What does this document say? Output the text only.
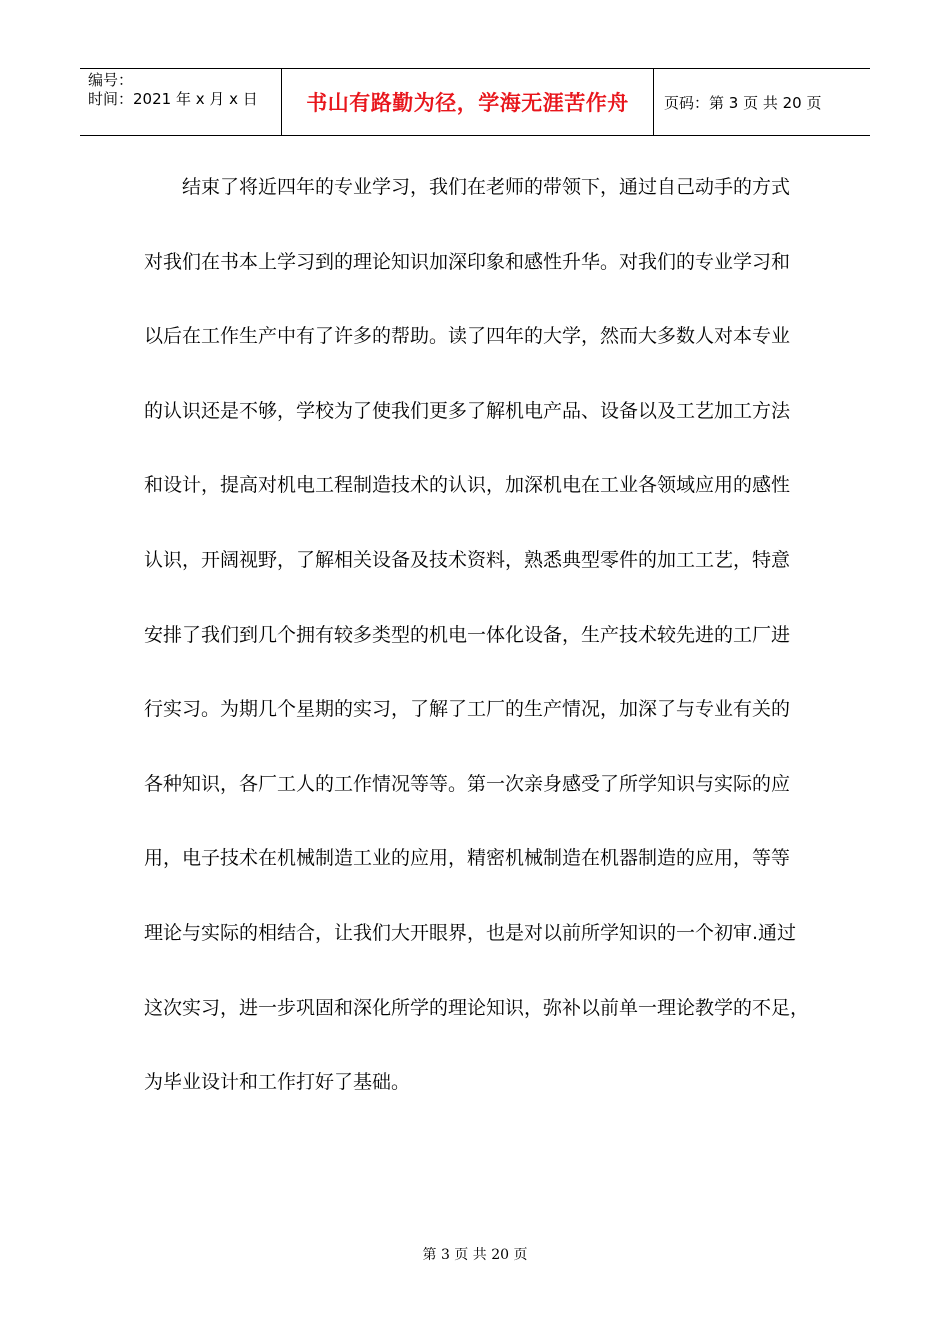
编号：
时间：2021 年 x 月 x 日	书山有路勤为径，学海无涯苦作舟 页码：第 3 页 共 20 页
结束了将近四年的专业学习，我们在老师的带领下，通过自己动手的方式
对我们在书本上学习到的理论知识加深印象和感性升华。对我们的专业学习和
以后在工作生产中有了许多的帮助。读了四年的大学，然而大多数人对本专业
的认识还是不够，学校为了使我们更多了解机电产品、设备以及工艺加工方法
和设计，提高对机电工程制造技术的认识，加深机电在工业各领域应用的感性
认识，开阔视野，了解相关设备及技术资料，熟悉典型零件的加工工艺，特意
安排了我们到几个拥有较多类型的机电一体化设备，生产技术较先进的工厂进
行实习。为期几个星期的实习，了解了工厂的生产情况，加深了与专业有关的
各种知识，各厂工人的工作情况等等。第一次亲身感受了所学知识与实际的应
用，电子技术在机械制造工业的应用，精密机械制造在机器制造的应用，等等
理论与实际的相结合，让我们大开眼界，也是对以前所学知识的一个初审.通过
这次实习，进一步巩固和深化所学的理论知识，弥补以前单一理论教学的不足，
为毕业设计和工作打好了基础。
第 3 页 共 20 页
